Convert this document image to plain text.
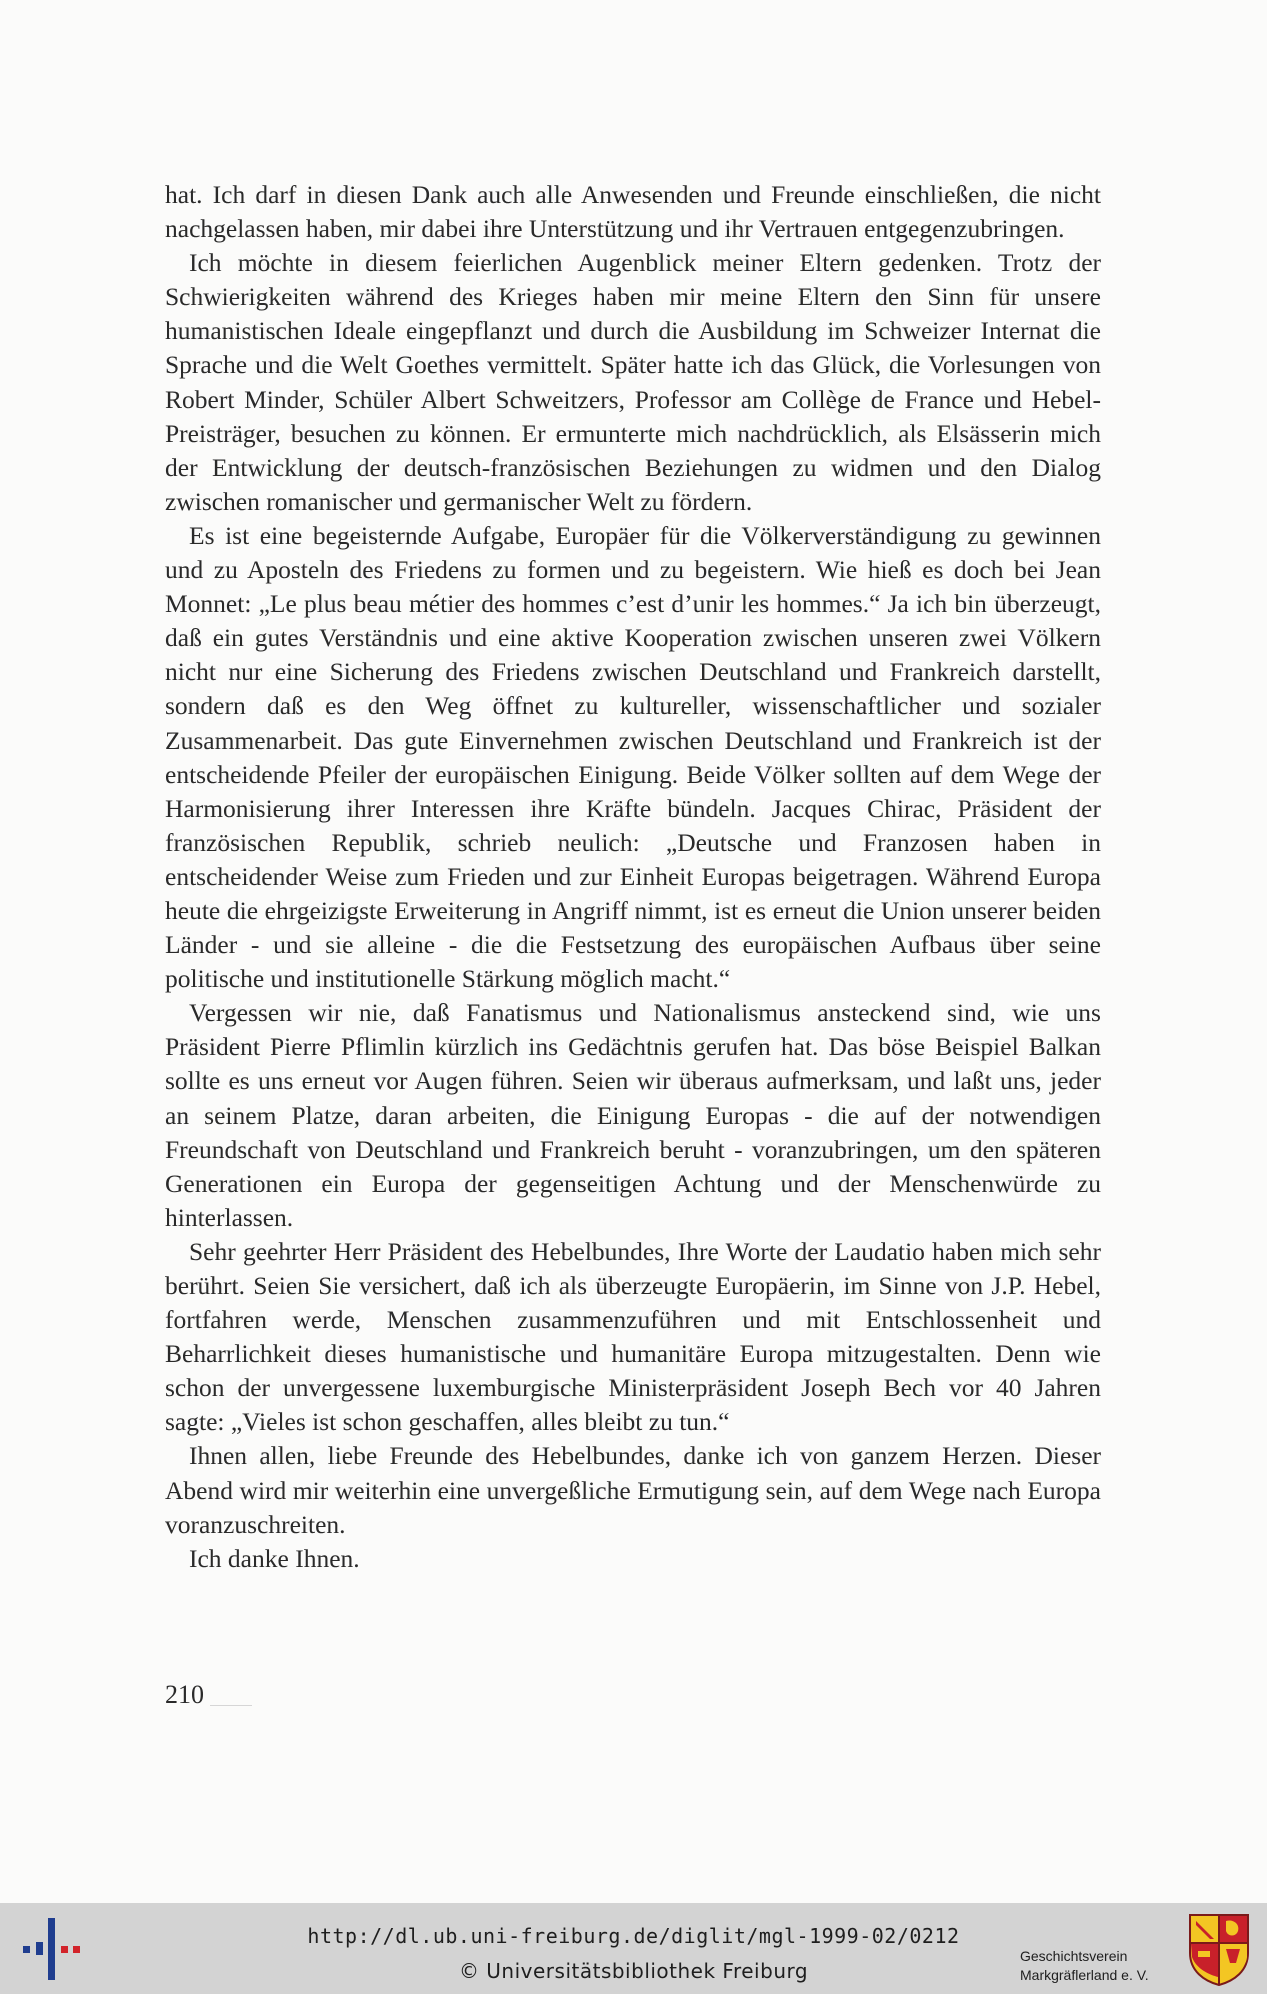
hat. Ich darf in diesen Dank auch alle Anwesenden und Freunde einschließen, die nicht nachgelassen haben, mir dabei ihre Unterstützung und ihr Vertrauen entgegenzubringen.

Ich möchte in diesem feierlichen Augenblick meiner Eltern gedenken. Trotz der Schwierigkeiten während des Krieges haben mir meine Eltern den Sinn für unsere humanistischen Ideale eingepflanzt und durch die Ausbildung im Schweizer Internat die Sprache und die Welt Goethes vermittelt. Später hatte ich das Glück, die Vorlesungen von Robert Minder, Schüler Albert Schweitzers, Professor am Collège de France und Hebel-Preisträger, besuchen zu können. Er ermunterte mich nachdrücklich, als Elsässerin mich der Entwicklung der deutsch-französischen Beziehungen zu widmen und den Dialog zwischen romanischer und germanischer Welt zu fördern.

Es ist eine begeisternde Aufgabe, Europäer für die Völkerverständigung zu gewinnen und zu Aposteln des Friedens zu formen und zu begeistern. Wie hieß es doch bei Jean Monnet: „Le plus beau métier des hommes c’est d’unir les hommes.“ Ja ich bin überzeugt, daß ein gutes Verständnis und eine aktive Kooperation zwischen unseren zwei Völkern nicht nur eine Sicherung des Friedens zwischen Deutschland und Frankreich darstellt, sondern daß es den Weg öffnet zu kultureller, wissenschaftlicher und sozialer Zusammenarbeit. Das gute Einvernehmen zwischen Deutschland und Frankreich ist der entscheidende Pfeiler der europäischen Einigung. Beide Völker sollten auf dem Wege der Harmonisierung ihrer Interessen ihre Kräfte bündeln. Jacques Chirac, Präsident der französischen Republik, schrieb neulich: „Deutsche und Franzosen haben in entscheidender Weise zum Frieden und zur Einheit Europas beigetragen. Während Europa heute die ehrgeizigste Erweiterung in Angriff nimmt, ist es erneut die Union unserer beiden Länder - und sie alleine - die die Festsetzung des europäischen Aufbaus über seine politische und institutionelle Stärkung möglich macht.“

Vergessen wir nie, daß Fanatismus und Nationalismus ansteckend sind, wie uns Präsident Pierre Pflimlin kürzlich ins Gedächtnis gerufen hat. Das böse Beispiel Balkan sollte es uns erneut vor Augen führen. Seien wir überaus aufmerksam, und laßt uns, jeder an seinem Platze, daran arbeiten, die Einigung Europas - die auf der notwendigen Freundschaft von Deutschland und Frankreich beruht - voranzubringen, um den späteren Generationen ein Europa der gegenseitigen Achtung und der Menschenwürde zu hinterlassen.

Sehr geehrter Herr Präsident des Hebelbundes, Ihre Worte der Laudatio haben mich sehr berührt. Seien Sie versichert, daß ich als überzeugte Europäerin, im Sinne von J.P. Hebel, fortfahren werde, Menschen zusammenzuführen und mit Entschlossenheit und Beharrlichkeit dieses humanistische und humanitäre Europa mitzugestalten. Denn wie schon der unvergessene luxemburgische Ministerpräsident Joseph Bech vor 40 Jahren sagte: „Vieles ist schon geschaffen, alles bleibt zu tun.“

Ihnen allen, liebe Freunde des Hebelbundes, danke ich von ganzem Herzen. Dieser Abend wird mir weiterhin eine unvergeßliche Ermutigung sein, auf dem Wege nach Europa voranzuschreiten.

Ich danke Ihnen.

210
http://dl.ub.uni-freiburg.de/diglit/mgl-1999-02/0212
© Universitätsbibliothek Freiburg
Geschichtsverein
Markgräflerland e. V.
